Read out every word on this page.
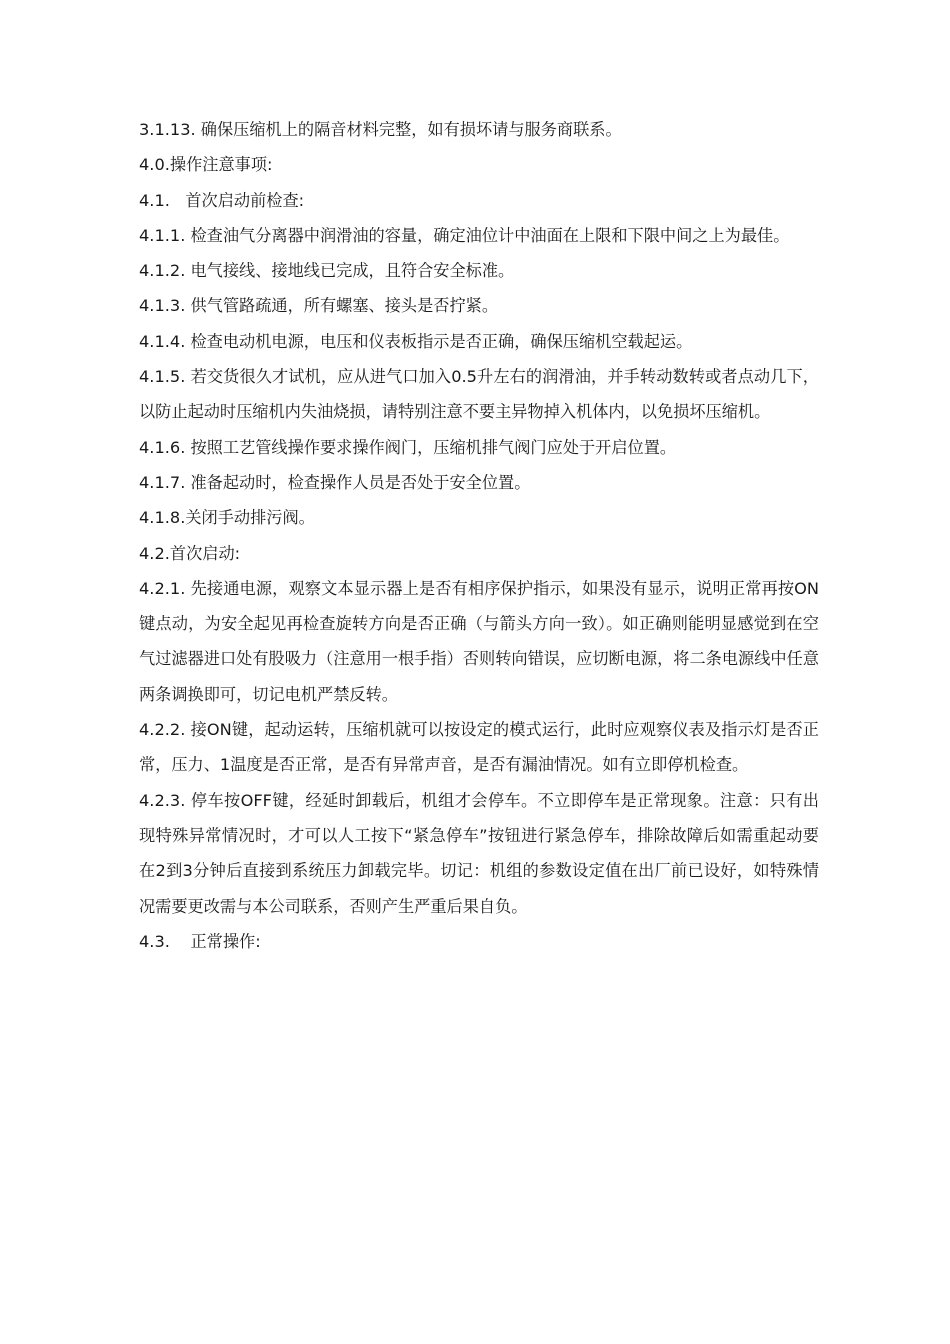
3.1.13. 确保压缩机上的隔音材料完整，如有损坏请与服务商联系。

4.0.操作注意事项:

4.1.   首次启动前检查:

4.1.1. 检查油气分离器中润滑油的容量，确定油位计中油面在上限和下限中间之上为最佳。

4.1.2. 电气接线、接地线已完成，且符合安全标准。

4.1.3. 供气管路疏通，所有螺塞、接头是否拧紧。

4.1.4. 检查电动机电源，电压和仪表板指示是否正确，确保压缩机空载起运。

4.1.5. 若交货很久才试机，应从进气口加入0.5升左右的润滑油，并手转动数转或者点动几下，以防止起动时压缩机内失油烧损，请特别注意不要主异物掉入机体内，以免损坏压缩机。

4.1.6. 按照工艺管线操作要求操作阀门，压缩机排气阀门应处于开启位置。

4.1.7. 准备起动时，检查操作人员是否处于安全位置。

4.1.8.关闭手动排污阀。

4.2.首次启动:

4.2.1. 先接通电源，观察文本显示器上是否有相序保护指示，如果没有显示，说明正常再按ON键点动，为安全起见再检查旋转方向是否正确（与箭头方向一致）。如正确则能明显感觉到在空气过滤器进口处有股吸力（注意用一根手指）否则转向错误，应切断电源，将二条电源线中任意两条调换即可，切记电机严禁反转。

4.2.2. 接ON键，起动运转，压缩机就可以按设定的模式运行，此时应观察仪表及指示灯是否正常，压力、1温度是否正常，是否有异常声音，是否有漏油情况。如有立即停机检查。

4.2.3. 停车按OFF键，经延时卸载后，机组才会停车。不立即停车是正常现象。注意：只有出现特殊异常情况时，才可以人工按下“紧急停车”按钮进行紧急停车，排除故障后如需重起动要在2到3分钟后直接到系统压力卸载完毕。切记：机组的参数设定值在出厂前已设好，如特殊情况需要更改需与本公司联系，否则产生严重后果自负。

4.3.    正常操作:
